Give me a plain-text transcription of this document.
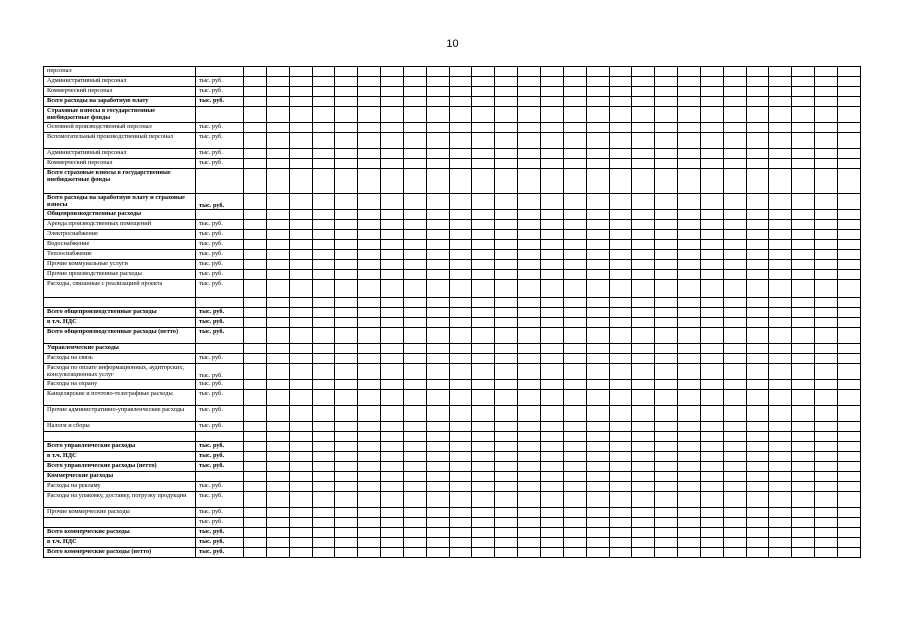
10
персонал																												
Административный персонал	тыс. руб.																											
Коммерческий персонал	тыс. руб.																											
Всего расходы на заработную плату	тыс. руб.																											
Страховые взносы в государственные внебюджетные фонды																												
Основной производственный персонал	тыс. руб.																											
Вспомогательный производственный персонал	тыс. руб.																											
Административный персонал	тыс. руб.																											
Коммерческий персонал	тыс. руб.																											
Всего страховые взносы в государственные внебюджетные фонды																												
Всего расходы на заработную плату и страховые взносы	тыс. руб.																											
Общепроизводственные расходы																												
Аренда производственных помещений	тыс. руб.																											
Электроснабжение	тыс. руб.																											
Водоснабжение	тыс. руб.																											
Теплоснабжение	тыс. руб.																											
Прочие коммунальные услуги	тыс. руб.																											
Прочие производственные расходы	тыс. руб.																											
Расходы, связанные с реализацией проекта	тыс. руб.																											

Всего общепроизводственные расходы	тыс. руб.																											
в т.ч. НДС	тыс. руб.																											
Всего общепроизводственные расходы (нетто)	тыс. руб.																											
Управленческие расходы																												
Расходы на связь	тыс. руб.																											
Расходы по оплате информационных, аудиторских, консультационных услуг	тыс. руб.																											
Расходы на охрану	тыс. руб.																											
Канцелярские и почтово-телеграфные расходы	тыс. руб.																											
Прочие административно-управленческие расходы	тыс. руб.																											
Налоги и сборы	тыс. руб.																											

Всего управленческие расходы	тыс. руб.																											
в т.ч. НДС	тыс. руб.																											
Всего управленческие расходы (нетто)	тыс. руб.																											
Коммерческие расходы																												
Расходы на рекламу	тыс. руб.																											
Расходы на упаковку, доставку, погрузку продукции	тыс. руб.																											
Прочие коммерческие расходы	тыс. руб.																											
	тыс. руб.																											
Всего коммерческие расходы	тыс. руб.																											
в т.ч. НДС	тыс. руб.																											
Всего коммерческие расходы (нетто)	тыс. руб.																											
